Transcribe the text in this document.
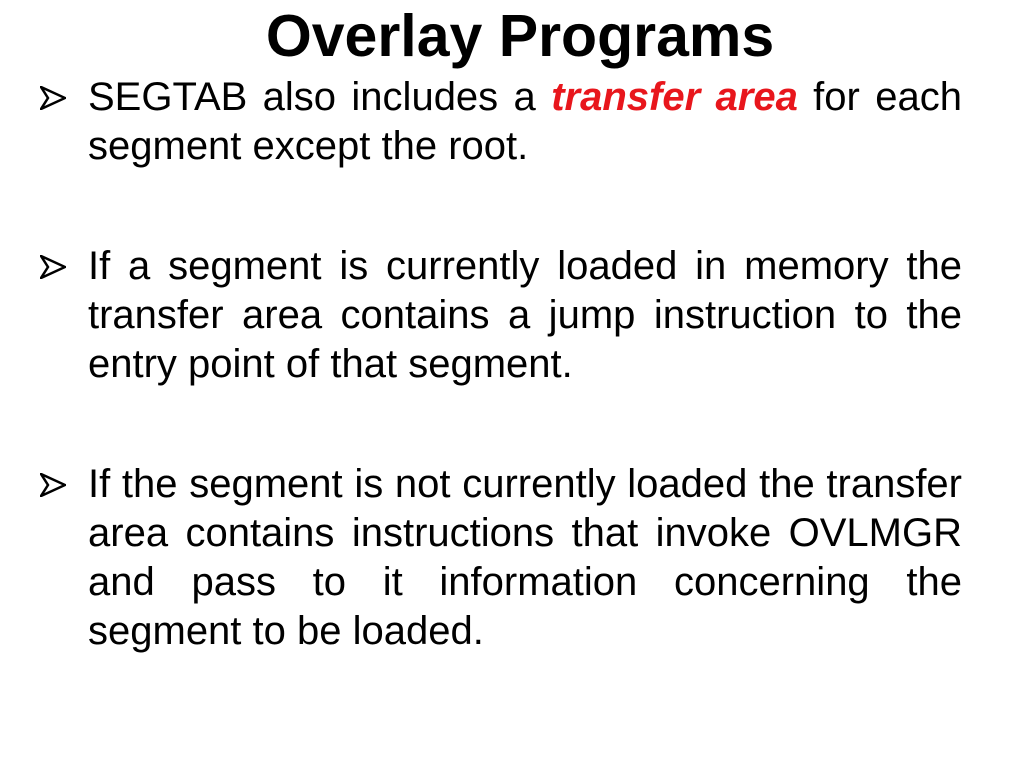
Overlay Programs
SEGTAB also includes a transfer area for each segment except the root.
If a segment is currently loaded in memory the transfer area contains a jump instruction to the entry point of that segment.
If the segment is not currently loaded the transfer area contains instructions that invoke OVLMGR and pass to it information concerning the segment to be loaded.
